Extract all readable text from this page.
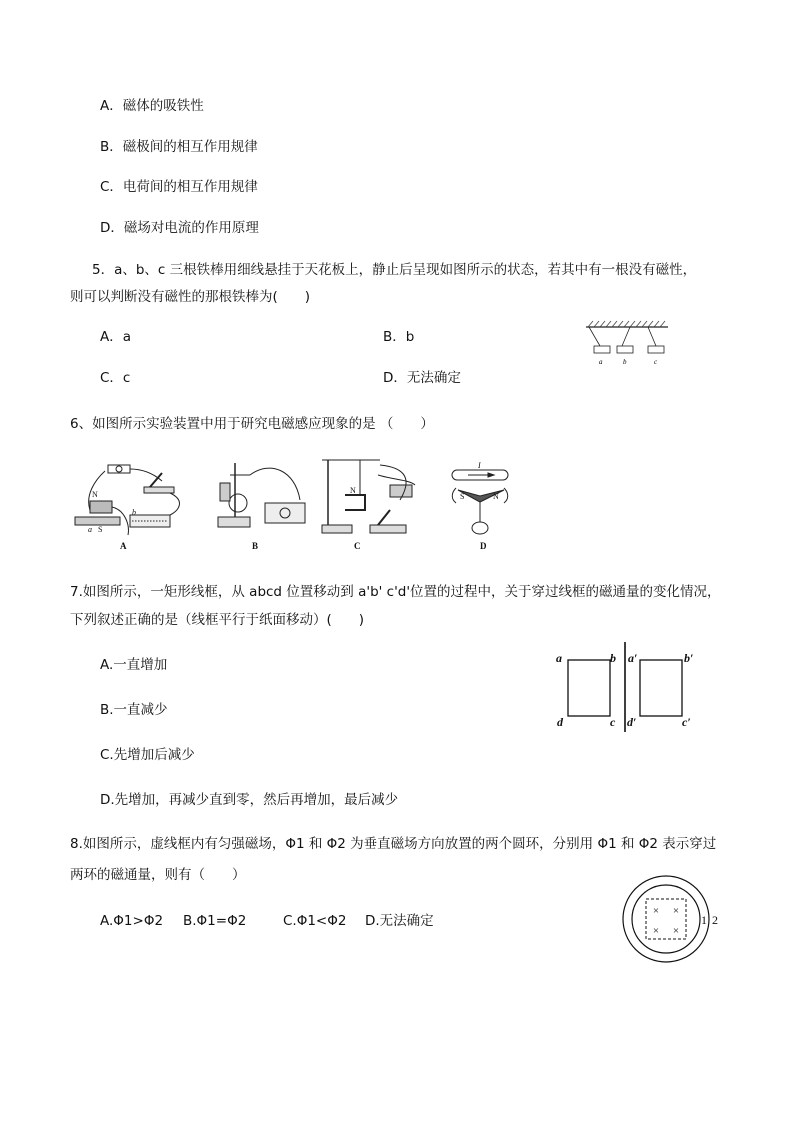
A．磁体的吸铁性
B．磁极间的相互作用规律
C．电荷间的相互作用规律
D．磁场对电流的作用原理
5．a、b、c 三根铁棒用细线悬挂于天花板上，静止后呈现如图所示的状态，若其中有一根没有磁性，
则可以判断没有磁性的那根铁棒为(　　)
A．a	B．b
C．c	D．无法确定
a	b	c
6、如图所示实验装置中用于研究电磁感应现象的是 （　　）
N
a S
b
N
I
S	N
A	B	C	D
7.如图所示，一矩形线框，从 abcd 位置移动到 a'b' c'd'位置的过程中，关于穿过线框的磁通量的变化情况，
下列叙述正确的是（线框平行于纸面移动）(　　)
A.一直增加
B.一直减少
C.先增加后减少
D.先增加，再减少直到零，然后再增加，最后减少
a	b
d	c
a′	b′
d′	c′
8.如图所示，虚线框内有匀强磁场，Φ1 和 Φ2 为垂直磁场方向放置的两个圆环，分别用 Φ1 和 Φ2 表示穿过
两环的磁通量，则有（　　）
A.Φ1>Φ2 B.Φ1=Φ2	C.Φ1<Φ2 D.无法确定
× ×
× ×
1 2
